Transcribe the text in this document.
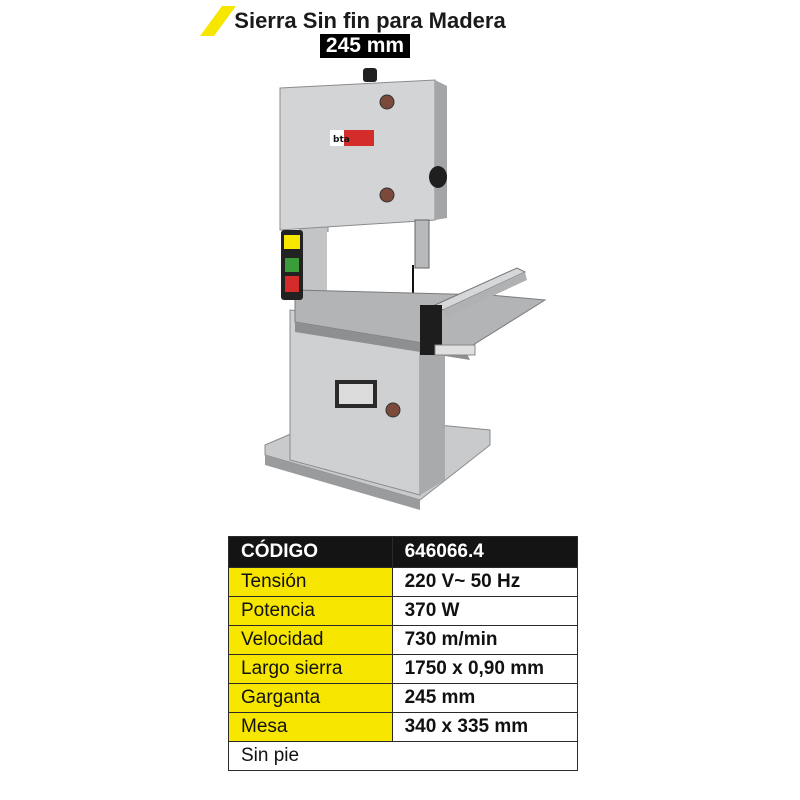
Sierra Sin fin para Madera
245 mm
bta
CÓDIGO	646066.4
Tensión	220 V~ 50 Hz
Potencia	370 W
Velocidad	730 m/min
Largo sierra	1750 x 0,90 mm
Garganta	245 mm
Mesa	340 x 335 mm
Sin pie	
